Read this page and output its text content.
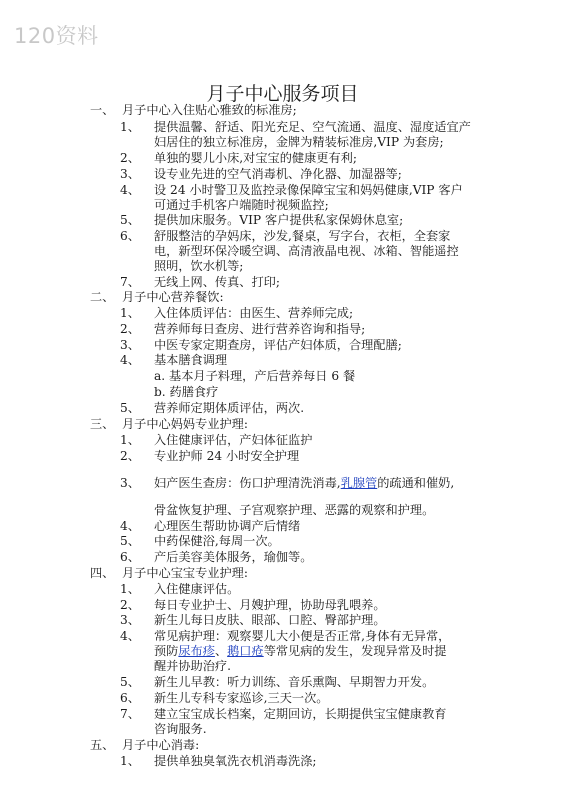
120资料
月子中心服务项目
一、 月子中心入住贴心雅致的标准房;
1、 提供温馨、舒适、阳光充足、空气流通、温度、湿度适宜产
妇居住的独立标准房，金牌为精装标准房,VIP 为套房;
2、 单独的婴儿小床,对宝宝的健康更有利;
3、 设专业先进的空气消毒机、净化器、加湿器等;
4、 设 24 小时警卫及监控录像保障宝宝和妈妈健康,VIP 客户
可通过手机客户端随时视频监控;
5、 提供加床服务。VIP 客户提供私家保姆休息室;
6、 舒服整洁的孕妈床，沙发,餐桌，写字台，衣柜，全套家
电，新型环保冷暖空调、高清液晶电视、冰箱、智能遥控
照明，饮水机等;
7、 无线上网、传真、打印;
二、 月子中心营养餐饮:
1、 入住体质评估：由医生、营养师完成;
2、 营养师每日查房、进行营养咨询和指导;
3、 中医专家定期查房，评估产妇体质，合理配膳;
4、 基本膳食调理
a. 基本月子料理，产后营养每日 6 餐
b. 药膳食疗
5、 营养师定期体质评估，两次.
三、 月子中心妈妈专业护理:
1、 入住健康评估，产妇体征监护
2、 专业护师 24 小时安全护理
3、 妇产医生查房：伤口护理清洗消毒,乳腺管的疏通和催奶,
骨盆恢复护理、子宫观察护理、恶露的观察和护理。
4、 心理医生帮助协调产后情绪
5、 中药保健浴,每周一次。
6、 产后美容美体服务，瑜伽等。
四、 月子中心宝宝专业护理:
1、 入住健康评估。
2、 每日专业护士、月嫂护理，协助母乳喂养。
3、 新生儿每日皮肤、眼部、口腔、臀部护理。
4、 常见病护理：观察婴儿大小便是否正常,身体有无异常，
预防尿布疹、鹅口疮等常见病的发生，发现异常及时提
醒并协助治疗.
5、 新生儿早教：听力训练、音乐熏陶、早期智力开发。
6、 新生儿专科专家巡诊,三天一次。
7、 建立宝宝成长档案，定期回访，长期提供宝宝健康教育
咨询服务.
五、 月子中心消毒:
1、 提供单独臭氧洗衣机消毒洗涤;
